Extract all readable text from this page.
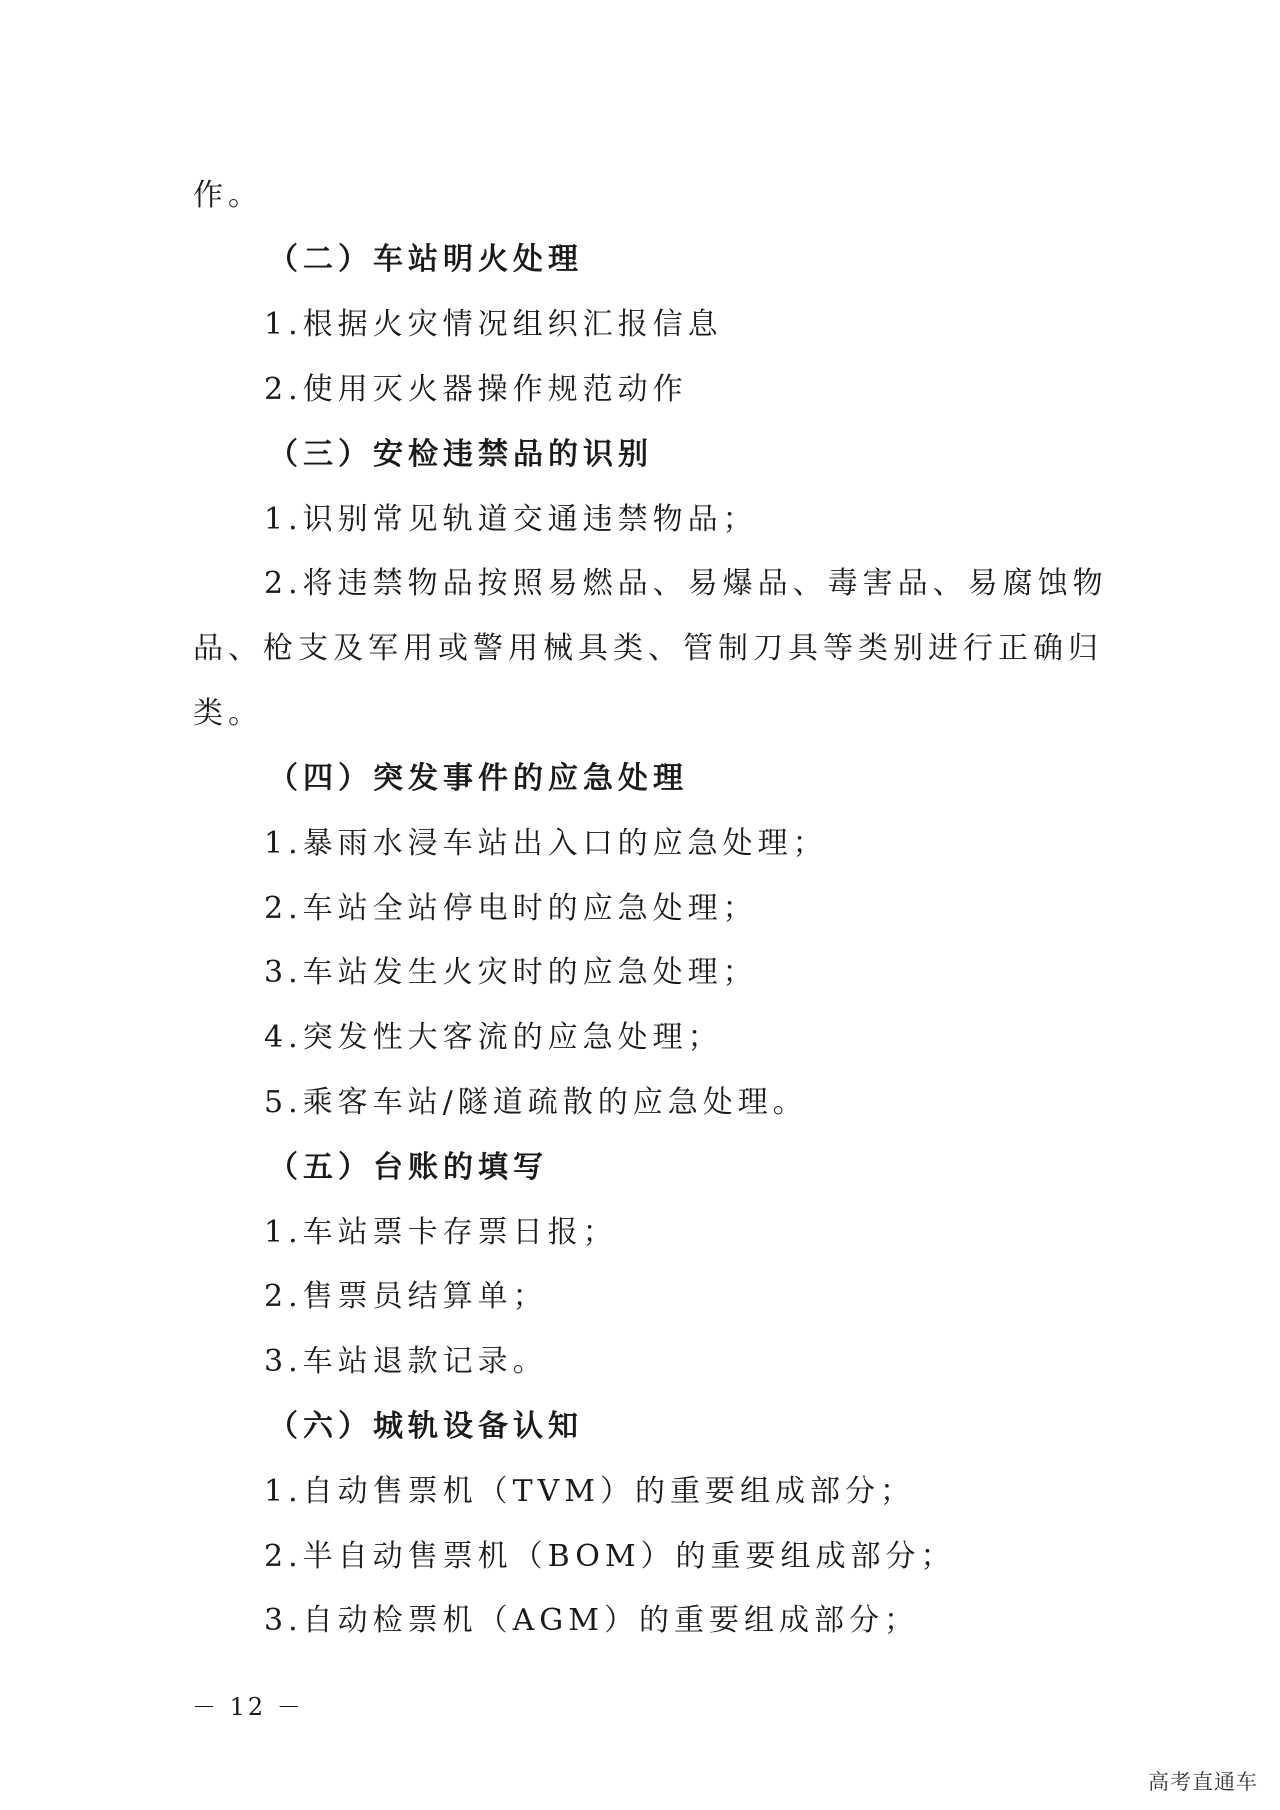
作。
（二）车站明火处理
1.根据火灾情况组织汇报信息
2.使用灭火器操作规范动作
（三）安检违禁品的识别
1.识别常见轨道交通违禁物品；
2.将违禁物品按照易燃品、易爆品、毒害品、易腐蚀物
品、枪支及军用或警用械具类、管制刀具等类别进行正确归
类。
（四）突发事件的应急处理
1.暴雨水浸车站出入口的应急处理；
2.车站全站停电时的应急处理；
3.车站发生火灾时的应急处理；
4.突发性大客流的应急处理；
5.乘客车站/隧道疏散的应急处理。
（五）台账的填写
1.车站票卡存票日报；
2.售票员结算单；
3.车站退款记录。
（六）城轨设备认知
1.自动售票机（TVM）的重要组成部分；
2.半自动售票机（BOM）的重要组成部分；
3.自动检票机（AGM）的重要组成部分；
－ 12 －
高考直通车
